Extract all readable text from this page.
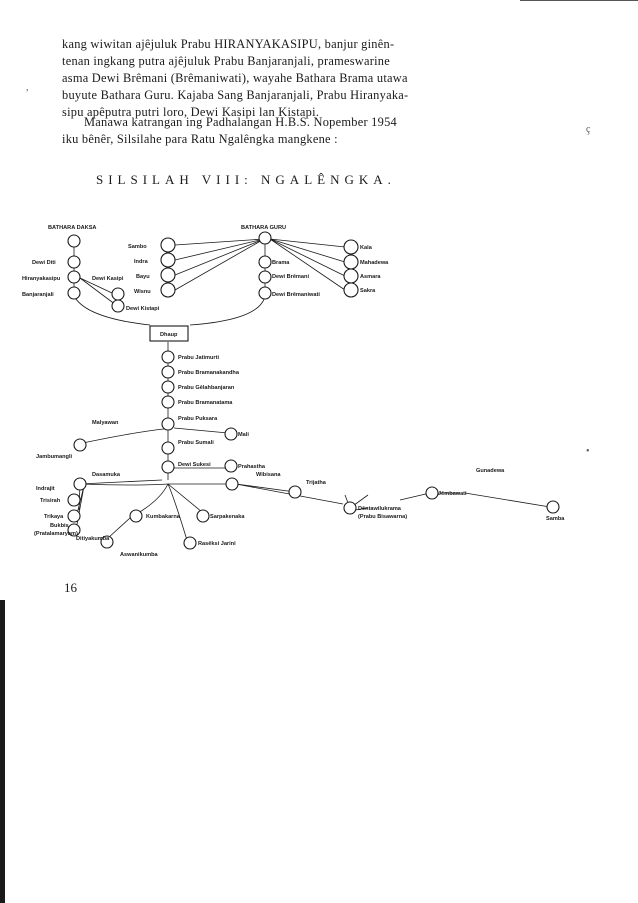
kang wiwitan ajêjuluk Prabu HIRANYAKASIPU, banjur ginên-
tenan ingkang putra ajêjuluk Prabu Banjaranjali, prameswarine
asma Dewi Brêmani (Brêmaniwati), wayahe Bathara Brama utawa
buyute Bathara Guru. Kajaba Sang Banjaranjali, Prabu Hiranyaka-
sipu apêputra putri loro, Dewi Kasipi lan Kistapi.

Manawa katrangan ing Padhalangan H.B.S. Nopember 1954
iku bênêr, Silsilahe para Ratu Ngalêngka mangkene :

SILSILAH VIII: NGALÊNGKA.
,
ç
•
BATHARA DAKSA	BATHARA GURU
Dewi Diti
Hiranyakasipu
Banjaranjali
Dewi Kasipi
Dewi Kistapi
Sambo
Indra
Bayu
Wisnu
Brama
Dewi Brêmani
Dewi Brêmaniwati
Kala
Mahadewa
Asmara
Sakra
Dhaup
Prabu Jatimurti
Prabu Bramanakandha
Prabu Gêlahbanjaran
Prabu Bramanatama
Prabu Puksara
Prabu Sumali
Dewi Sukesi
Malyawan
Mali
Jambumangli
Prahastha
Dasamuka
Indrajit
Trisirah
Trikaya
Bukbis
(Pratalamaryam)
Kumbakarna
Ditiyakumba
Aswanikumba
Sarpakenaka
Rasêksi Jarini
Wibisana
Trijatha
Gunadewa
Jêmbawati
Dêntawilukrama
(Prabu Bisawarna)	Samba
16
